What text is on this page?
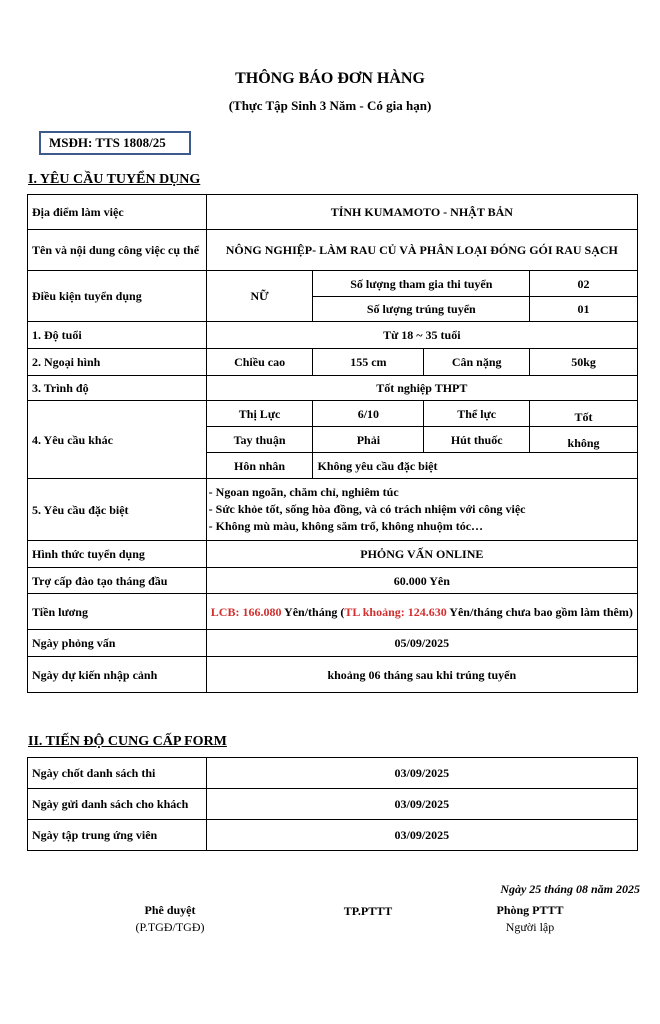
THÔNG BÁO ĐƠN HÀNG
(Thực Tập Sinh 3 Năm - Có gia hạn)
MSĐH: TTS 1808/25
I. YÊU CẦU TUYỂN DỤNG
Địa điểm làm việc	TỈNH KUMAMOTO - NHẬT BẢN			
Tên và nội dung công việc cụ thể	NÔNG NGHIỆP- LÀM RAU CỦ VÀ PHÂN LOẠI ĐÓNG GÓI RAU SẠCH			
Điều kiện tuyển dụng	NỮ	Số lượng tham gia thi tuyển		02
		Số lượng trúng tuyển		01
1. Độ tuổi	Từ 18 ~ 35 tuổi			
2. Ngoại hình	Chiều cao	155 cm	Cân nặng	50kg
3. Trình độ	Tốt nghiệp THPT			
4. Yêu cầu khác	Thị Lực	6/10	Thể lực	Tốt
	Tay thuận	Phải	Hút thuốc	không
	Hôn nhân	Không yêu cầu đặc biệt		
5. Yêu cầu đặc biệt	- Ngoan ngoãn, chăm chỉ, nghiêm túc
- Sức khỏe tốt, sống hòa đồng, và có trách nhiệm với công việc
- Không mù màu, không săm trổ, không nhuộm tóc…			

Hình thức tuyển dụng	PHỎNG VẤN ONLINE			
Trợ cấp đào tạo tháng đầu	60.000 Yên			
Tiền lương	LCB: 166.080 Yên/tháng (TL khoảng: 124.630 Yên/tháng chưa bao gồm làm thêm)			
Ngày phỏng vấn	05/09/2025			
Ngày dự kiến nhập cảnh	khoảng 06 tháng sau khi trúng tuyển			
II. TIẾN ĐỘ CUNG CẤP FORM
Ngày chốt danh sách thi	03/09/2025
Ngày gửi danh sách cho khách	03/09/2025
Ngày tập trung ứng viên	03/09/2025
Ngày 25 tháng 08 năm 2025
Phê duyệt
(P.TGĐ/TGĐ)
TP.PTTT	Phòng PTTT
Người lập
